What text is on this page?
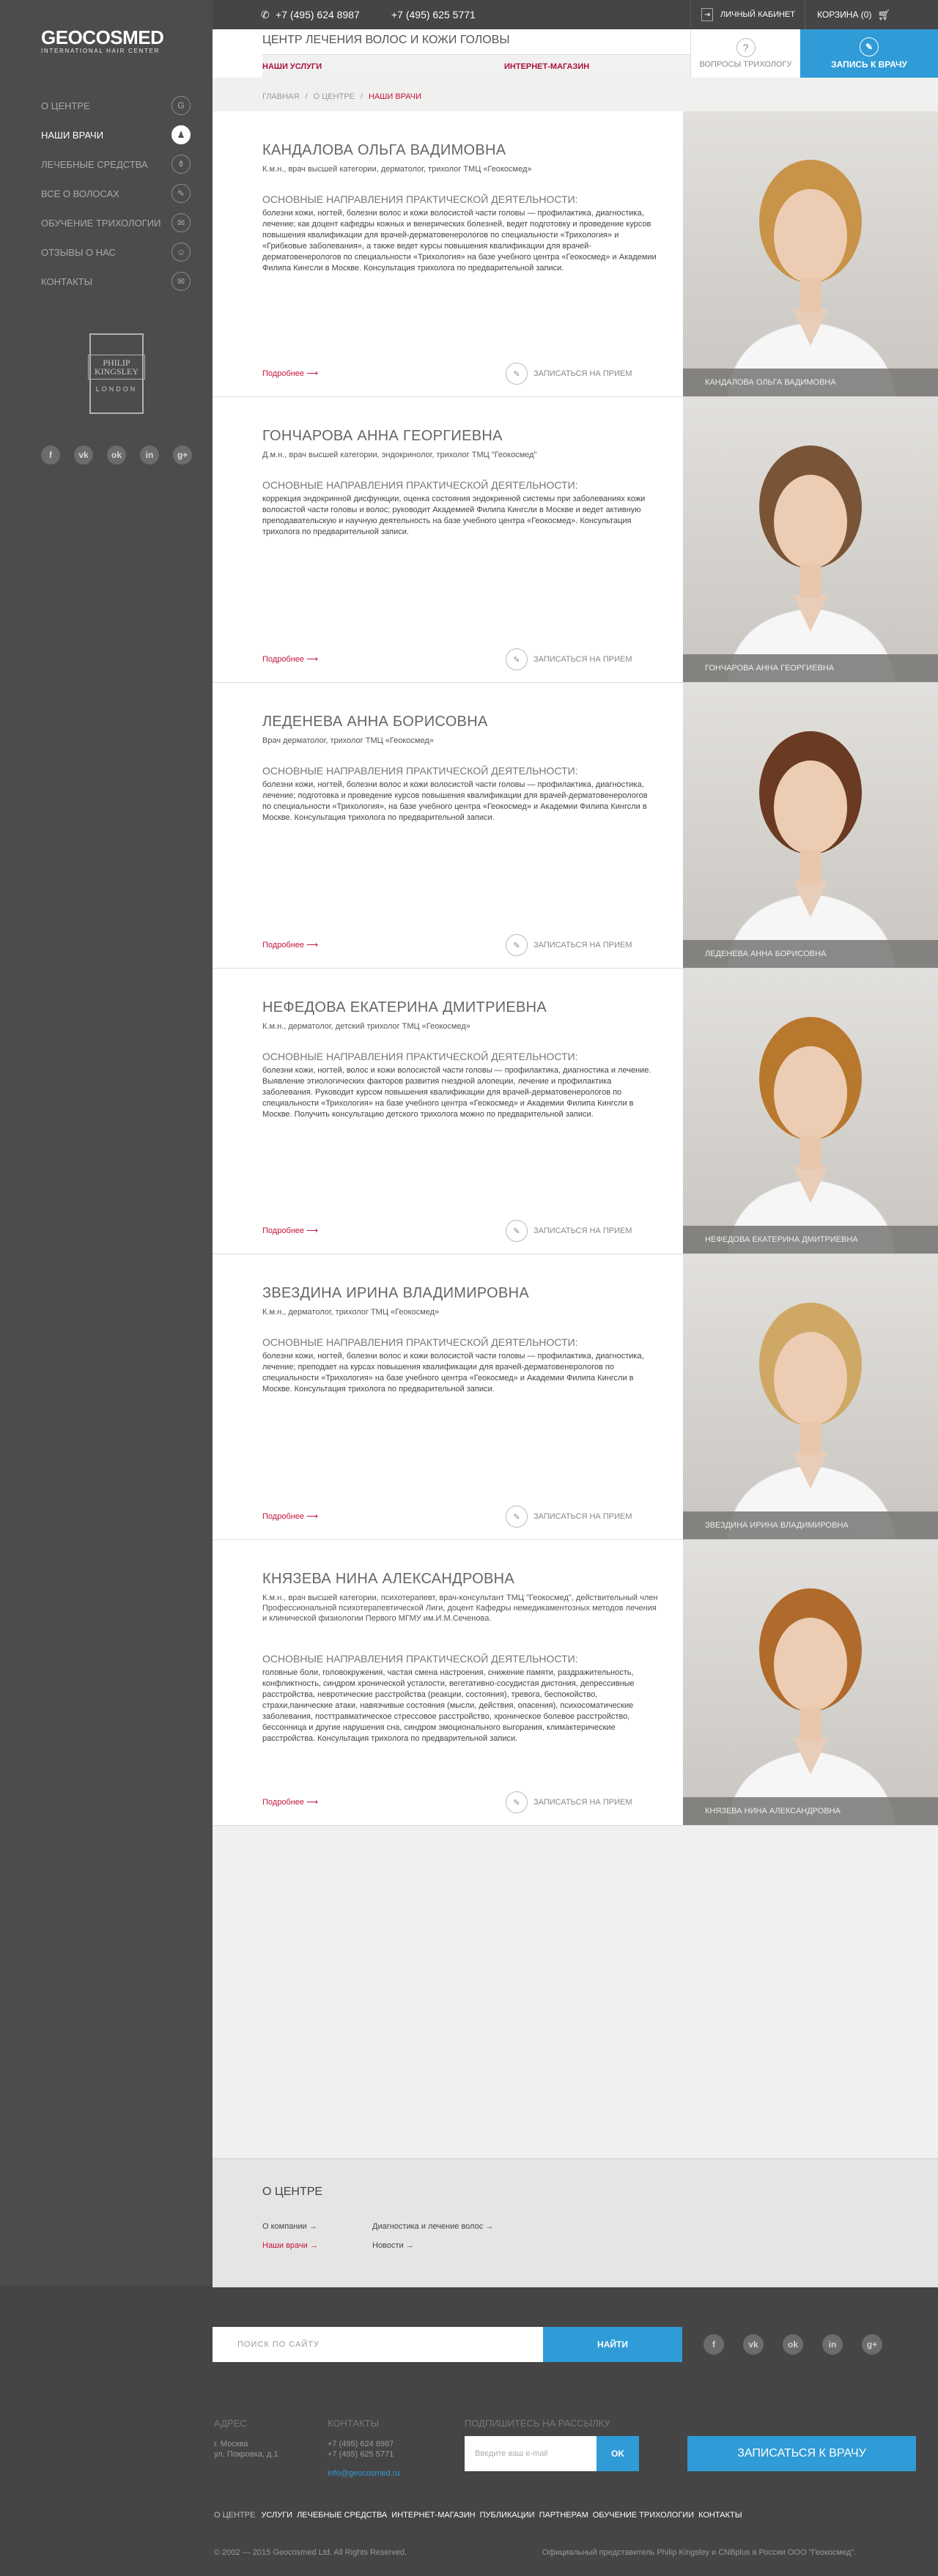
GEOCOSMED
INTERNATIONAL HAIR CENTER
О ЦЕНТРЕ	G
НАШИ ВРАЧИ	♟
ЛЕЧЕБНЫЕ СРЕДСТВА	⚱
ВСЕ О ВОЛОСАХ	✎
ОБУЧЕНИЕ ТРИХОЛОГИИ	✉
ОТЗЫВЫ О НАС	☺
КОНТАКТЫ	✉
PHILIP
KINGSLEY
LONDON
f	vk	ok	in	g+
✆ +7 (495) 624 8987	+7 (495) 625 5771	⇥	ЛИЧНЫЙ КАБИНЕТ	КОРЗИНА (0) 🛒︎
ЦЕНТР ЛЕЧЕНИЯ ВОЛОС И КОЖИ ГОЛОВЫ
НАШИ УСЛУГИ	ИНТЕРНЕТ-МАГАЗИН
?
ВОПРОСЫ ТРИХОЛОГУ
✎
ЗАПИСЬ К ВРАЧУ
ГЛАВНАЯ / О ЦЕНТРЕ / НАШИ ВРАЧИ
КАНДАЛОВА ОЛЬГА ВАДИМОВНА
К.м.н., врач высшей категории, дерматолог, трихолог ТМЦ «Геокосмед»
ОСНОВНЫЕ НАПРАВЛЕНИЯ ПРАКТИЧЕСКОЙ ДЕЯТЕЛЬНОСТИ:
болезни кожи, ногтей, болезни волос и кожи волосистой части головы — профилактика, диагностика, лечение; как доцент кафедры кожных и венерических болезней, ведет подготовку и проведение курсов повышения квалификации для врачей-дерматовенерологов по специальности «Трихология» и «Грибковые заболевания», а также ведет курсы повышения квалификации для врачей-дерматовенерологов по специальности «Трихология» на базе учебного центра «Геокосмед» и Академии Филипа Кингсли в Москве. Консультация трихолога по предварительной записи.
Подробнее ⟶	✎	ЗАПИСАТЬСЯ НА ПРИЕМ
КАНДАЛОВА ОЛЬГА ВАДИМОВНА
ГОНЧАРОВА АННА ГЕОРГИЕВНА
Д.м.н., врач высшей категории, эндокринолог, трихолог ТМЦ "Геокосмед"
ОСНОВНЫЕ НАПРАВЛЕНИЯ ПРАКТИЧЕСКОЙ ДЕЯТЕЛЬНОСТИ:
коррекция эндокринной дисфункции, оценка состояния эндокринной системы при заболеваниях кожи волосистой части головы и волос; руководит Академией Филипа Кингсли в Москве и ведет активную преподавательскую и научную деятельность на базе учебного центра «Геокосмед». Консультация трихолога по предварительной записи.
Подробнее ⟶	✎	ЗАПИСАТЬСЯ НА ПРИЕМ
ГОНЧАРОВА АННА ГЕОРГИЕВНА
ЛЕДЕНЕВА АННА БОРИСОВНА
Врач дерматолог, трихолог ТМЦ «Геокосмед»
ОСНОВНЫЕ НАПРАВЛЕНИЯ ПРАКТИЧЕСКОЙ ДЕЯТЕЛЬНОСТИ:
болезни кожи, ногтей, болезни волос и кожи волосистой части головы — профилактика, диагностика, лечение; подготовка и проведение курсов повышения квалификации для врачей-дерматовенерологов по специальности «Трихология», на базе учебного центра «Геокосмед» и Академии Филипа Кингсли в Москве. Консультация трихолога по предварительной записи.
Подробнее ⟶	✎	ЗАПИСАТЬСЯ НА ПРИЕМ
ЛЕДЕНЕВА АННА БОРИСОВНА
НЕФЕДОВА ЕКАТЕРИНА ДМИТРИЕВНА
К.м.н., дерматолог, детский трихолог ТМЦ «Геокосмед»
ОСНОВНЫЕ НАПРАВЛЕНИЯ ПРАКТИЧЕСКОЙ ДЕЯТЕЛЬНОСТИ:
болезни кожи, ногтей, волос и кожи волосистой части головы — профилактика, диагностика и лечение. Выявление этиологических факторов развития гнездной алопеции, лечение и профилактика заболевания. Руководит курсом повышения квалификации для врачей-дерматовенерологов по специальности «Трихология» на базе учебного центра «Геокосмед» и Академии Филипа Кингсли в Москве. Получить консультацию детского трихолога можно по предварительной записи.
Подробнее ⟶	✎	ЗАПИСАТЬСЯ НА ПРИЕМ
НЕФЕДОВА ЕКАТЕРИНА ДМИТРИЕВНА
ЗВЕЗДИНА ИРИНА ВЛАДИМИРОВНА
К.м.н., дерматолог, трихолог ТМЦ «Геокосмед»
ОСНОВНЫЕ НАПРАВЛЕНИЯ ПРАКТИЧЕСКОЙ ДЕЯТЕЛЬНОСТИ:
болезни кожи, ногтей, болезни волос и кожи волосистой части головы — профилактика, диагностика, лечение; преподает на курсах повышения квалификации для врачей-дерматовенерологов по специальности «Трихология» на базе учебного центра «Геокосмед» и Академии Филипа Кингсли в Москве. Консультация трихолога по предварительной записи.
Подробнее ⟶	✎	ЗАПИСАТЬСЯ НА ПРИЕМ
ЗВЕЗДИНА ИРИНА ВЛАДИМИРОВНА
КНЯЗЕВА НИНА АЛЕКСАНДРОВНА
К.м.н., врач высшей категории, психотерапевт, врач-консультант ТМЦ "Геокосмед", действительный член Профессиональной психотерапевтической Лиги, доцент Кафедры немедикаментозных методов лечения и клинической физиологии Первого МГМУ им.И.М.Сеченова.
ОСНОВНЫЕ НАПРАВЛЕНИЯ ПРАКТИЧЕСКОЙ ДЕЯТЕЛЬНОСТИ:
головные боли, головокружения, частая смена настроения, снижение памяти, раздражительность, конфликтность, синдром хронической усталости, вегетативно-сосудистая дистония, депрессивные расстройства, невротические расстройства (реакции, состояния), тревога, беспокойство, страхи,панические атаки, навязчивые состояния (мысли, действия, опасения), психосоматические заболевания, посттравматическое стрессовое расстройство, хроническое болевое расстройство, бессонница и другие нарушения сна, синдром эмоционального выгорания, климактерические расстройства. Консультация трихолога по предварительной записи.
Подробнее ⟶	✎	ЗАПИСАТЬСЯ НА ПРИЕМ
КНЯЗЕВА НИНА АЛЕКСАНДРОВНА
О ЦЕНТРЕ
О компании →	Диагностика и лечение волос →
Наши врачи →	Новости →
ПОИСК ПО САЙТУ	НАЙТИ	f	vk	ok	in	g+
АДРЕС
г. Москва
ул. Покровка, д.1
КОНТАКТЫ
+7 (495) 624 8987
+7 (495) 625 5771
info@geocosmed.ru
ПОДПИШИТЕСЬ НА РАССЫЛКУ
Введите ваш e-mail	OK	ЗАПИСАТЬСЯ К ВРАЧУ
О ЦЕНТРЕ УСЛУГИ ЛЕЧЕБНЫЕ СРЕДСТВА ИНТЕРНЕТ-МАГАЗИН ПУБЛИКАЦИИ ПАРТНЕРАМ ОБУЧЕНИЕ ТРИХОЛОГИИ КОНТАКТЫ
© 2002 — 2015 Geocosmed Ltd. All Rights Reserved.	Официальный представитель Philip Kingsley и CNBplus в России ООО "Геокосмед".
